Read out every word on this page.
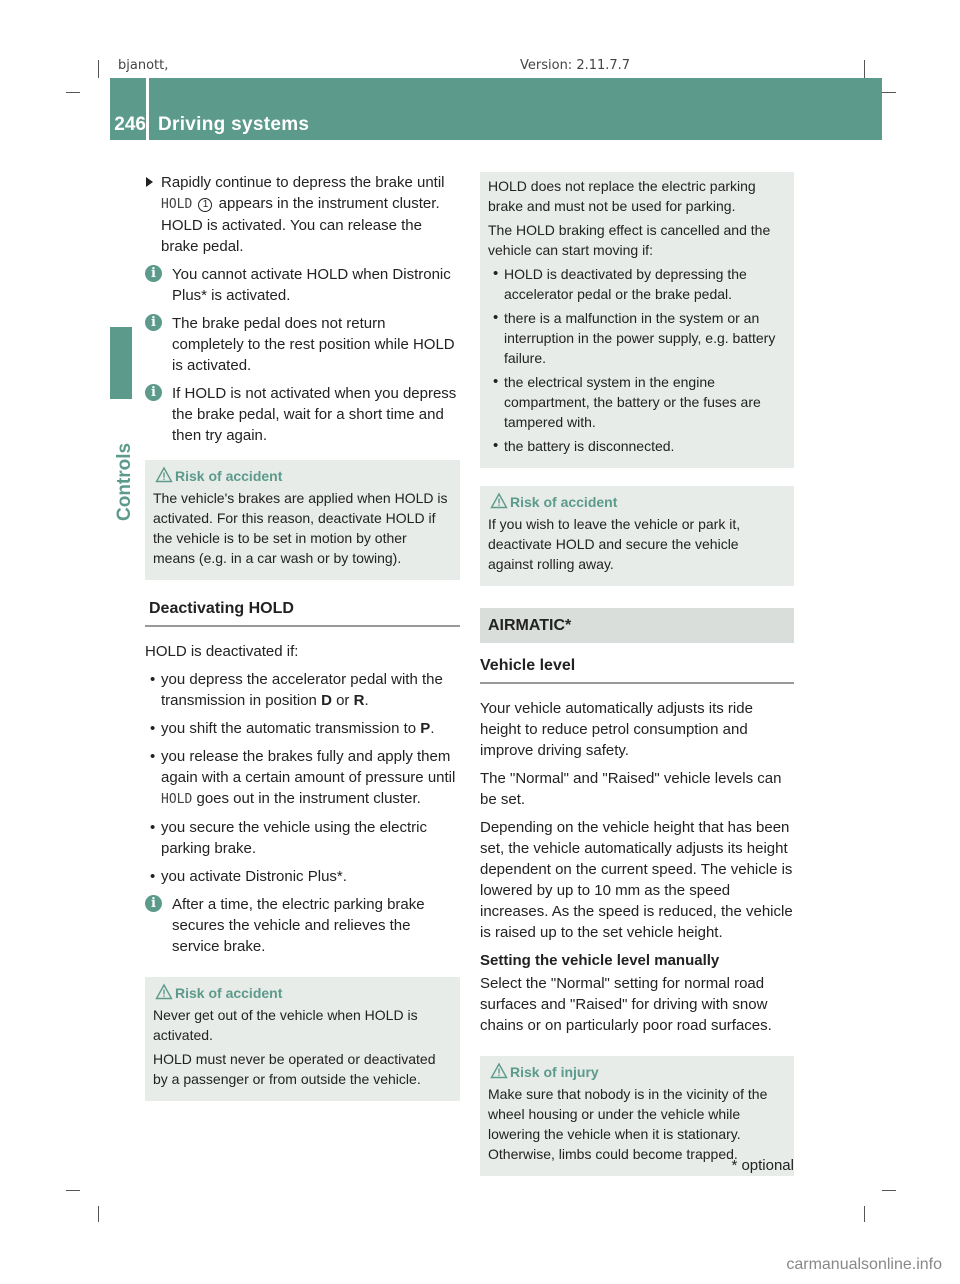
bjanott,	Version: 2.11.7.7
246 Driving systems
Controls
Rapidly continue to depress the brake until HOLD 1 appears in the instrument cluster. HOLD is activated. You can release the brake pedal.
i	You cannot activate HOLD when Distronic Plus* is activated.
i	The brake pedal does not return completely to the rest position while HOLD is activated.
i	If HOLD is not activated when you depress the brake pedal, wait for a short time and then try again.
Risk of accident

The vehicle's brakes are applied when HOLD is activated. For this reason, deactivate HOLD if the vehicle is to be set in motion by other means (e.g. in a car wash or by towing).

Deactivating HOLD

HOLD is deactivated if:

• you depress the accelerator pedal with the transmission in position D or R.
• you shift the automatic transmission to P.
• you release the brakes fully and apply them again with a certain amount of pressure until HOLD goes out in the instrument cluster.
• you secure the vehicle using the electric parking brake.
• you activate Distronic Plus*.
i	After a time, the electric parking brake secures the vehicle and relieves the service brake.
Risk of accident

Never get out of the vehicle when HOLD is activated.

HOLD must never be operated or deactivated by a passenger or from outside the vehicle.

HOLD does not replace the electric parking brake and must not be used for parking.

The HOLD braking effect is cancelled and the vehicle can start moving if:

• HOLD is deactivated by depressing the accelerator pedal or the brake pedal.
• there is a malfunction in the system or an interruption in the power supply, e.g. battery failure.
• the electrical system in the engine compartment, the battery or the fuses are tampered with.
• the battery is disconnected.
Risk of accident

If you wish to leave the vehicle or park it, deactivate HOLD and secure the vehicle against rolling away.

AIRMATIC*
Vehicle level

Your vehicle automatically adjusts its ride height to reduce petrol consumption and improve driving safety.

The "Normal" and "Raised" vehicle levels can be set.

Depending on the vehicle height that has been set, the vehicle automatically adjusts its height dependent on the current speed. The vehicle is lowered by up to 10 mm as the speed increases. As the speed is reduced, the vehicle is raised up to the set vehicle height.

Setting the vehicle level manually

Select the "Normal" setting for normal road surfaces and "Raised" for driving with snow chains or on particularly poor road surfaces.

Risk of injury

Make sure that nobody is in the vicinity of the wheel housing or under the vehicle while lowering the vehicle when it is stationary. Otherwise, limbs could become trapped.

* optional
carmanualsonline.info
